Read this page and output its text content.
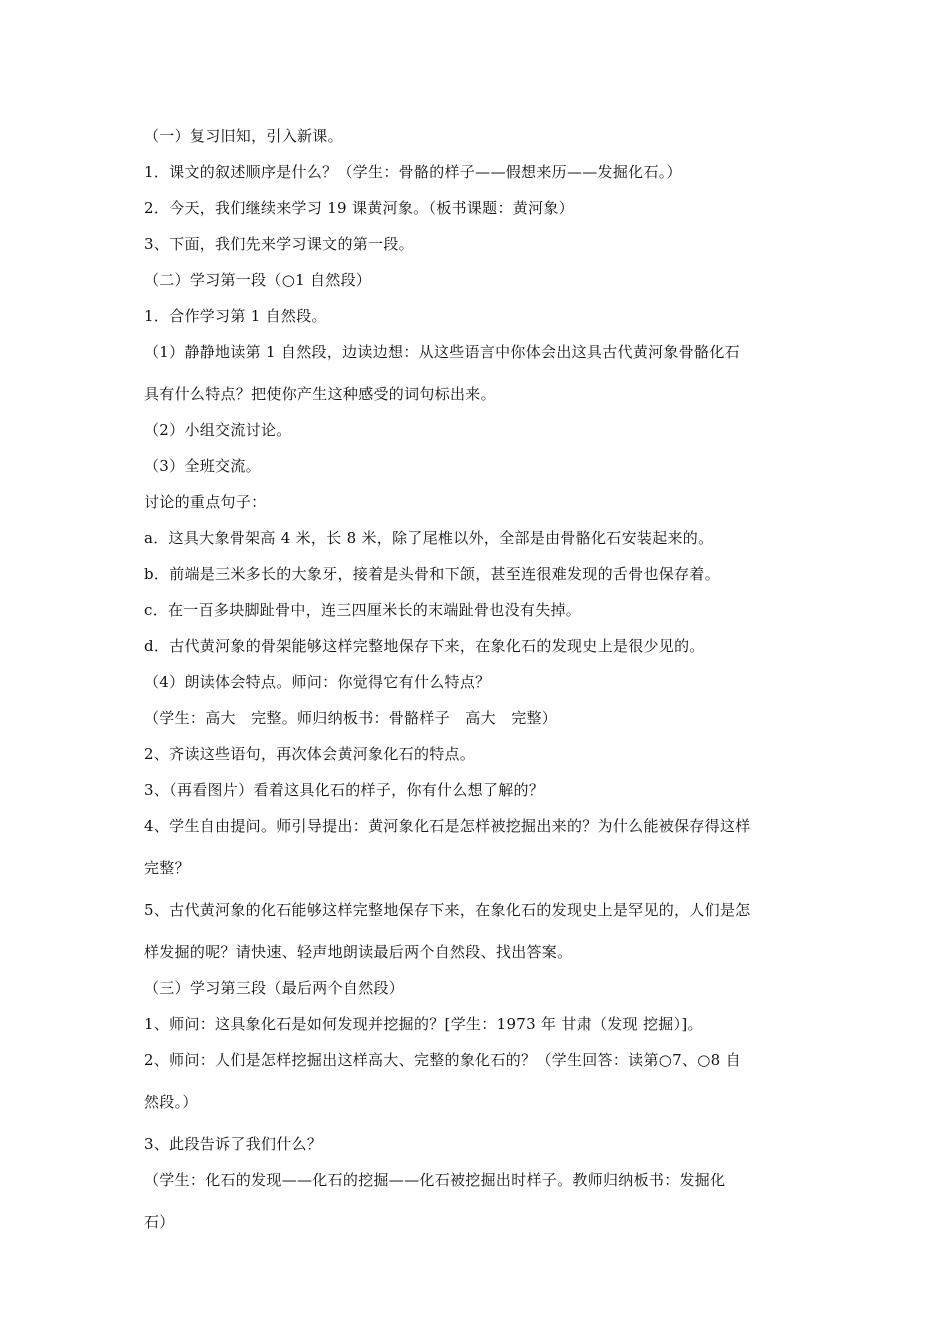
（一）复习旧知，引入新课。
1．课文的叙述顺序是什么？（学生：骨骼的样子——假想来历——发掘化石。）
2．今天，我们继续来学习 19 课黄河象。（板书课题：黄河象）
3、下面，我们先来学习课文的第一段。
（二）学习第一段（○1 自然段）
1．合作学习第 1 自然段。
（1）静静地读第 1 自然段，边读边想：从这些语言中你体会出这具古代黄河象骨骼化石
具有什么特点？把使你产生这种感受的词句标出来。
（2）小组交流讨论。
（3）全班交流。
讨论的重点句子：
a．这具大象骨架高 4 米，长 8 米，除了尾椎以外，全部是由骨骼化石安装起来的。
b．前端是三米多长的大象牙，接着是头骨和下颌，甚至连很难发现的舌骨也保存着。
c．在一百多块脚趾骨中，连三四厘米长的末端趾骨也没有失掉。
d．古代黄河象的骨架能够这样完整地保存下来，在象化石的发现史上是很少见的。
（4）朗读体会特点。师问：你觉得它有什么特点？
（学生：高大　完整。师归纳板书：骨骼样子　高大　完整）
2、齐读这些语句，再次体会黄河象化石的特点。
3、（再看图片）看着这具化石的样子，你有什么想了解的？
4、学生自由提问。师引导提出：黄河象化石是怎样被挖掘出来的？为什么能被保存得这样
完整？
5、古代黄河象的化石能够这样完整地保存下来，在象化石的发现史上是罕见的，人们是怎
样发掘的呢？请快速、轻声地朗读最后两个自然段、找出答案。
（三）学习第三段（最后两个自然段）
1、师问：这具象化石是如何发现并挖掘的？[学生：1973 年 甘肃（发现 挖掘）]。
2、师问：人们是怎样挖掘出这样高大、完整的象化石的？（学生回答：读第○7、○8 自
然段。）
3、此段告诉了我们什么？
（学生：化石的发现——化石的挖掘——化石被挖掘出时样子。教师归纳板书：发掘化
石）
